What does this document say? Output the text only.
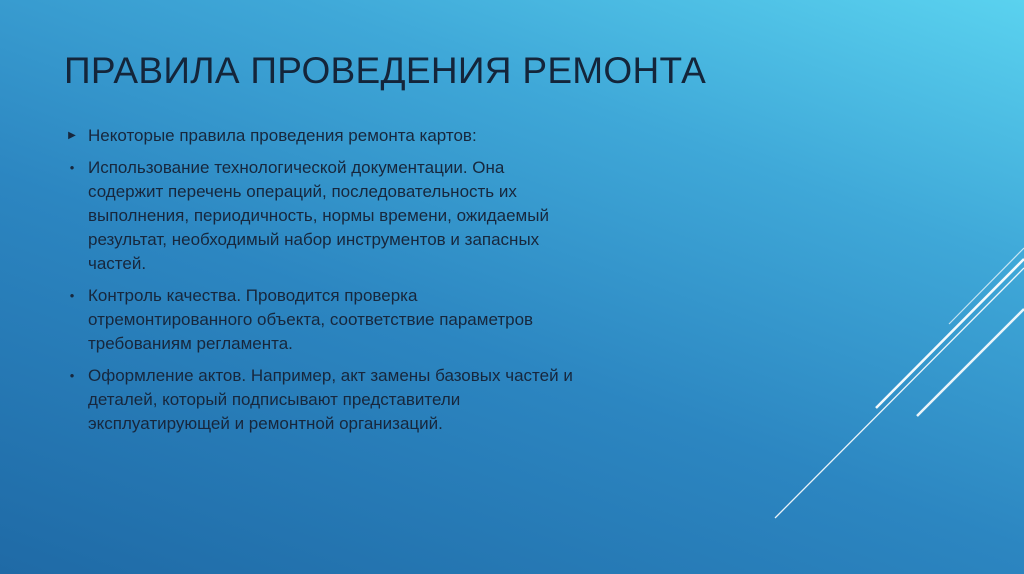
ПРАВИЛА ПРОВЕДЕНИЯ РЕМОНТА
▶ Некоторые правила проведения ремонта картов:
• Использование технологической документации. Она содержит перечень операций, последовательность их выполнения, периодичность, нормы времени, ожидаемый результат, необходимый набор инструментов и запасных частей.
• Контроль качества. Проводится проверка отремонтированного объекта, соответствие параметров требованиям регламента.
• Оформление актов. Например, акт замены базовых частей и деталей, который подписывают представители эксплуатирующей и ремонтной организаций.
